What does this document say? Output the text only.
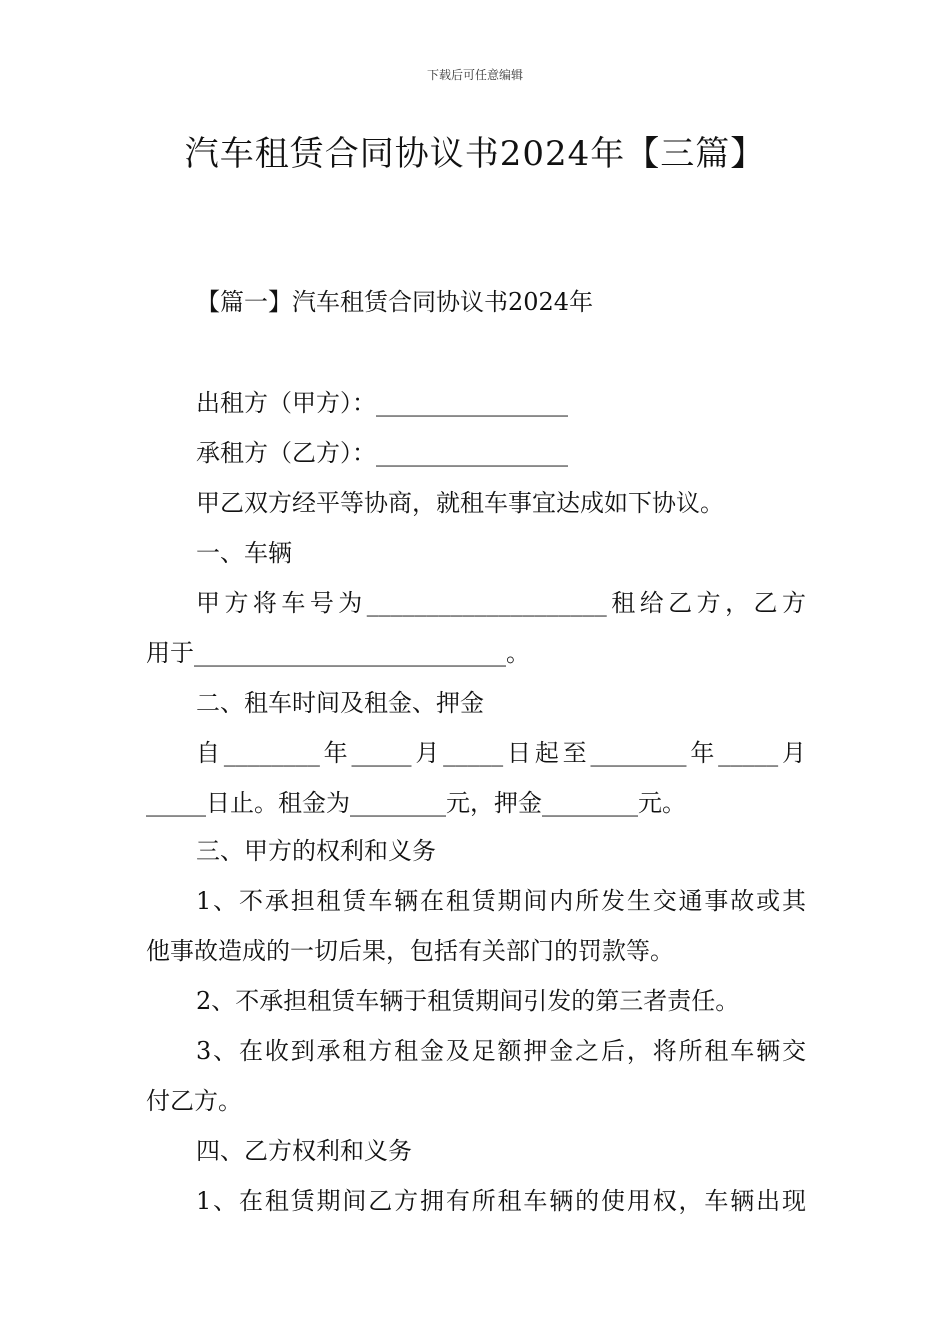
下载后可任意编辑
汽车租赁合同协议书2024年【三篇】
【篇一】汽车租赁合同协议书2024年
出租方（甲方）：________________
承租方（乙方）：________________
甲乙双方经平等协商，就租车事宜达成如下协议。
一、车辆
甲方将车号为____________________租给乙方，乙方
用于__________________________。
二、租车时间及租金、押金
自________年_____月_____日起至________年_____月
_____日止。租金为________元，押金________元。
三、甲方的权利和义务
1、不承担租赁车辆在租赁期间内所发生交通事故或其
他事故造成的一切后果，包括有关部门的罚款等。
2、不承担租赁车辆于租赁期间引发的第三者责任。
3、在收到承租方租金及足额押金之后，将所租车辆交
付乙方。
四、乙方权利和义务
1、在租赁期间乙方拥有所租车辆的使用权，车辆出现
